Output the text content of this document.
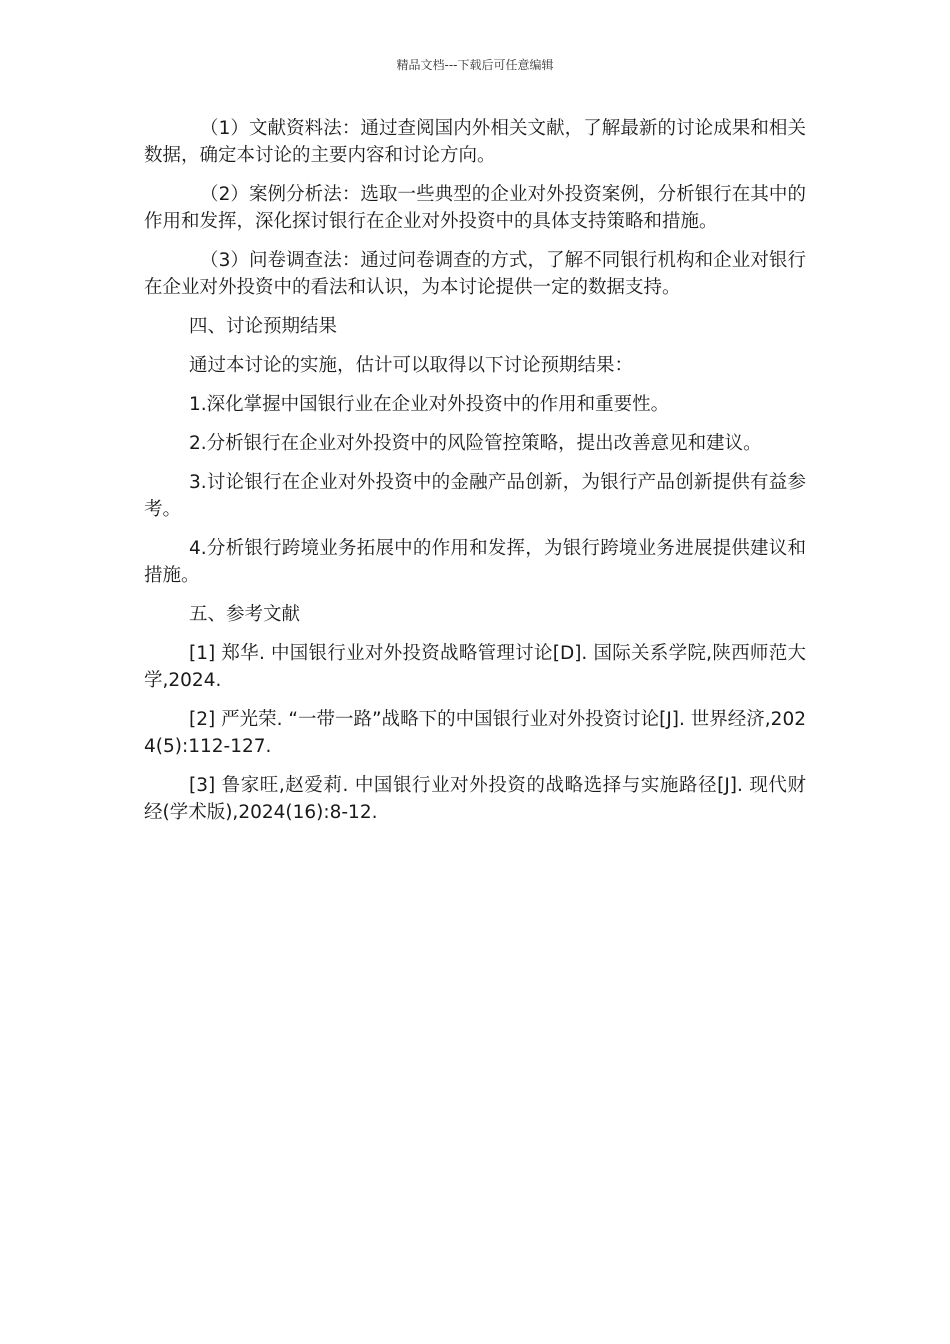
精品文档---下载后可任意编辑

（1）文献资料法：通过查阅国内外相关文献，了解最新的讨论成果和相关数据，确定本讨论的主要内容和讨论方向。

（2）案例分析法：选取一些典型的企业对外投资案例，分析银行在其中的作用和发挥，深化探讨银行在企业对外投资中的具体支持策略和措施。

（3）问卷调查法：通过问卷调查的方式，了解不同银行机构和企业对银行在企业对外投资中的看法和认识，为本讨论提供一定的数据支持。

四、讨论预期结果

通过本讨论的实施，估计可以取得以下讨论预期结果：

1.深化掌握中国银行业在企业对外投资中的作用和重要性。

2.分析银行在企业对外投资中的风险管控策略，提出改善意见和建议。

3.讨论银行在企业对外投资中的金融产品创新，为银行产品创新提供有益参考。

4.分析银行跨境业务拓展中的作用和发挥，为银行跨境业务进展提供建议和措施。

五、参考文献

[1] 郑华. 中国银行业对外投资战略管理讨论[D]. 国际关系学院,陕西师范大学,2024.

[2] 严光荣. “一带一路”战略下的中国银行业对外投资讨论[J]. 世界经济,2024(5):112-127.

[3] 鲁家旺,赵爱莉. 中国银行业对外投资的战略选择与实施路径[J]. 现代财经(学术版),2024(16):8-12.
